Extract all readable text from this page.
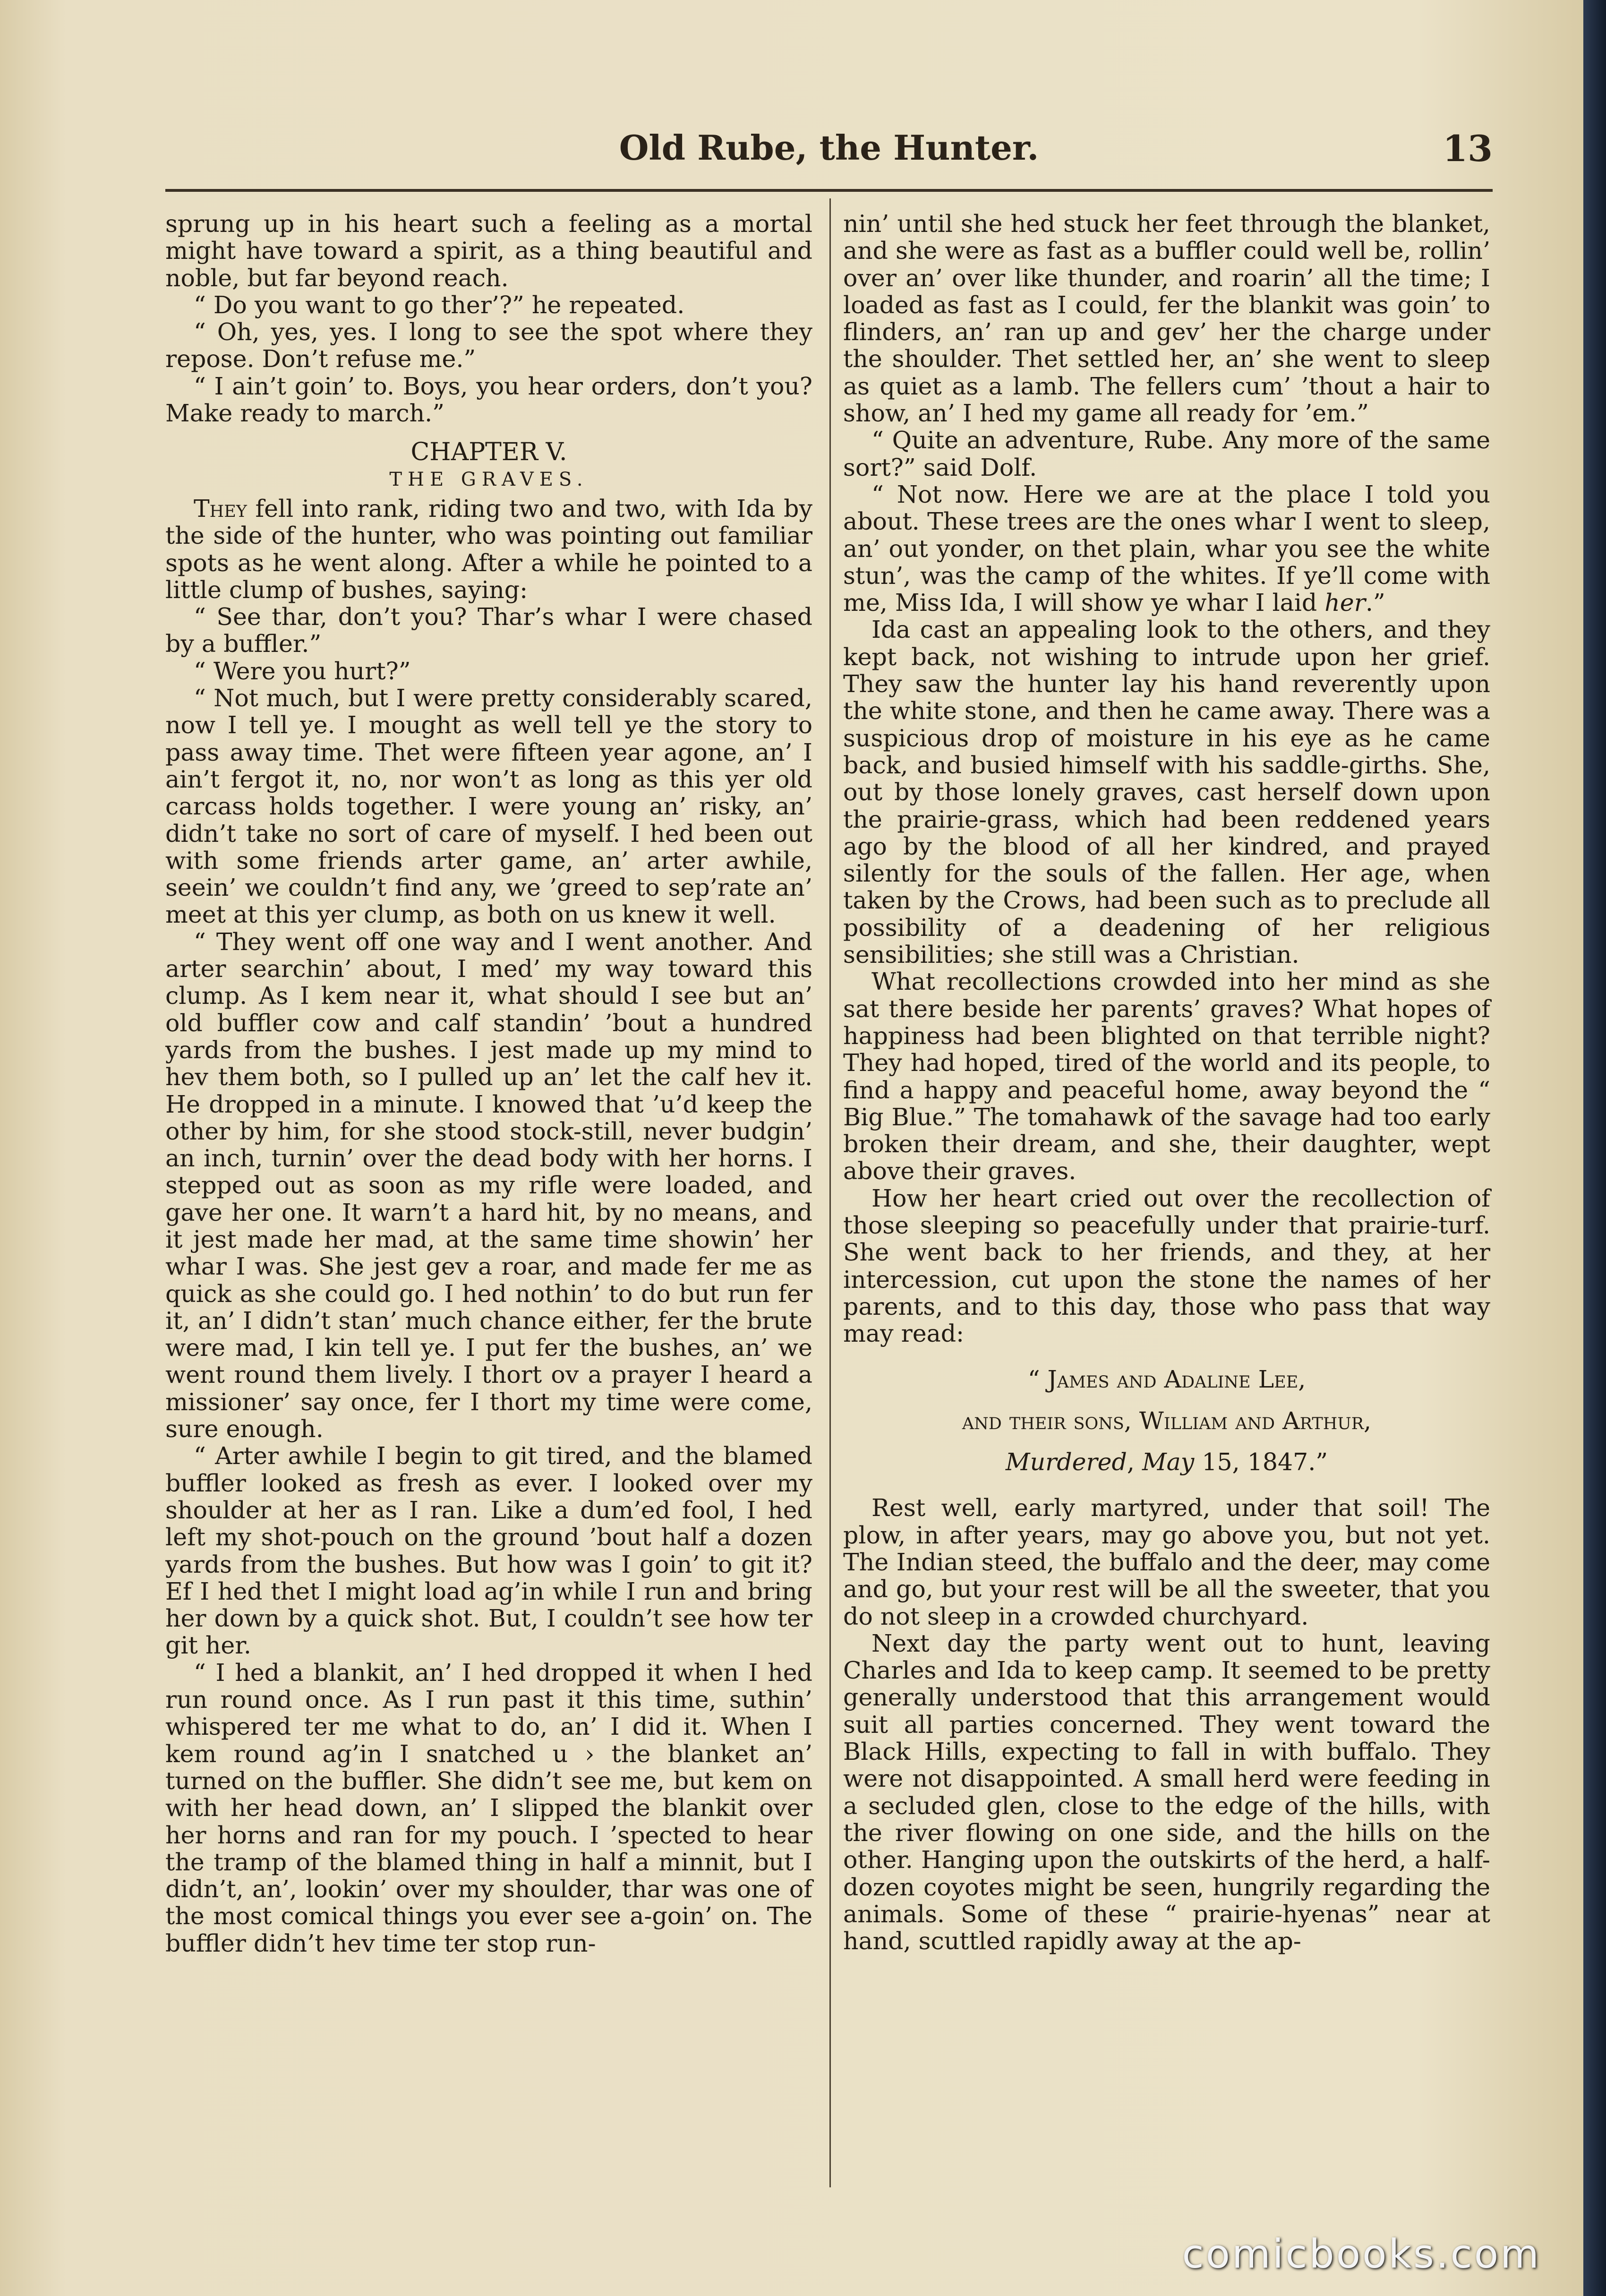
Old Rube, the Hunter.	13

sprung up in his heart such a feeling as a mortal might have toward a spirit, as a thing beautiful and noble, but far beyond reach.

“ Do you want to go ther’?” he repeated.

“ Oh, yes, yes. I long to see the spot where they repose. Don’t refuse me.”

“ I ain’t goin’ to. Boys, you hear orders, don’t you? Make ready to march.”

CHAPTER V.
THE GRAVES.

They fell into rank, riding two and two, with Ida by the side of the hunter, who was pointing out familiar spots as he went along. After a while he pointed to a little clump of bushes, saying:

“ See thar, don’t you? Thar’s whar I were chased by a buffler.”

“ Were you hurt?”

“ Not much, but I were pretty considerably scared, now I tell ye. I mought as well tell ye the story to pass away time. Thet were fifteen year agone, an’ I ain’t fergot it, no, nor won’t as long as this yer old carcass holds together. I were young an’ risky, an’ didn’t take no sort of care of myself. I hed been out with some friends arter game, an’ arter awhile, seein’ we couldn’t find any, we ’greed to sep’rate an’ meet at this yer clump, as both on us knew it well.

“ They went off one way and I went another. And arter searchin’ about, I med’ my way toward this clump. As I kem near it, what should I see but an’ old buffler cow and calf standin’ ’bout a hundred yards from the bushes. I jest made up my mind to hev them both, so I pulled up an’ let the calf hev it. He dropped in a minute. I knowed that ’u’d keep the other by him, for she stood stock-still, never budgin’ an inch, turnin’ over the dead body with her horns. I stepped out as soon as my rifle were loaded, and gave her one. It warn’t a hard hit, by no means, and it jest made her mad, at the same time showin’ her whar I was. She jest gev a roar, and made fer me as quick as she could go. I hed nothin’ to do but run fer it, an’ I didn’t stan’ much chance either, fer the brute were mad, I kin tell ye. I put fer the bushes, an’ we went round them lively. I thort ov a prayer I heard a missioner’ say once, fer I thort my time were come, sure enough.

“ Arter awhile I begin to git tired, and the blamed buffler looked as fresh as ever. I looked over my shoulder at her as I ran. Like a dum’ed fool, I hed left my shot-pouch on the ground ’bout half a dozen yards from the bushes. But how was I goin’ to git it? Ef I hed thet I might load ag’in while I run and bring her down by a quick shot. But, I couldn’t see how ter git her.

“ I hed a blankit, an’ I hed dropped it when I hed run round once. As I run past it this time, suthin’ whispered ter me what to do, an’ I did it. When I kem round ag’in I snatched u › the blanket an’ turned on the buffler. She didn’t see me, but kem on with her head down, an’ I slipped the blankit over her horns and ran for my pouch. I ’spected to hear the tramp of the blamed thing in half a minnit, but I didn’t, an’, lookin’ over my shoulder, thar was one of the most comical things you ever see a-goin’ on. The buffler didn’t hev time ter stop run-

nin’ until she hed stuck her feet through the blanket, and she were as fast as a buffler could well be, rollin’ over an’ over like thunder, and roarin’ all the time; I loaded as fast as I could, fer the blankit was goin’ to flinders, an’ ran up and gev’ her the charge under the shoulder. Thet settled her, an’ she went to sleep as quiet as a lamb. The fellers cum’ ’thout a hair to show, an’ I hed my game all ready for ’em.”

“ Quite an adventure, Rube. Any more of the same sort?” said Dolf.

“ Not now. Here we are at the place I told you about. These trees are the ones whar I went to sleep, an’ out yonder, on thet plain, whar you see the white stun’, was the camp of the whites. If ye’ll come with me, Miss Ida, I will show ye whar I laid her.”

Ida cast an appealing look to the others, and they kept back, not wishing to intrude upon her grief. They saw the hunter lay his hand reverently upon the white stone, and then he came away. There was a suspicious drop of moisture in his eye as he came back, and busied himself with his saddle-girths. She, out by those lonely graves, cast herself down upon the prairie-grass, which had been reddened years ago by the blood of all her kindred, and prayed silently for the souls of the fallen. Her age, when taken by the Crows, had been such as to preclude all possibility of a deadening of her religious sensibilities; she still was a Christian.

What recollections crowded into her mind as she sat there beside her parents’ graves? What hopes of happiness had been blighted on that terrible night? They had hoped, tired of the world and its people, to find a happy and peaceful home, away beyond the “ Big Blue.” The tomahawk of the savage had too early broken their dream, and she, their daughter, wept above their graves.

How her heart cried out over the recollection of those sleeping so peacefully under that prairie-turf. She went back to her friends, and they, at her intercession, cut upon the stone the names of her parents, and to this day, those who pass that way may read:

“ James and Adaline Lee,
and their sons, William and Arthur,
Murdered, May 15, 1847.”

Rest well, early martyred, under that soil! The plow, in after years, may go above you, but not yet. The Indian steed, the buffalo and the deer, may come and go, but your rest will be all the sweeter, that you do not sleep in a crowded churchyard.

Next day the party went out to hunt, leaving Charles and Ida to keep camp. It seemed to be pretty generally understood that this arrangement would suit all parties concerned. They went toward the Black Hills, expecting to fall in with buffalo. They were not disappointed. A small herd were feeding in a secluded glen, close to the edge of the hills, with the river flowing on one side, and the hills on the other. Hanging upon the outskirts of the herd, a half-dozen coyotes might be seen, hungrily regarding the animals. Some of these “ prairie-hyenas” near at hand, scuttled rapidly away at the ap-

comicbooks.com
